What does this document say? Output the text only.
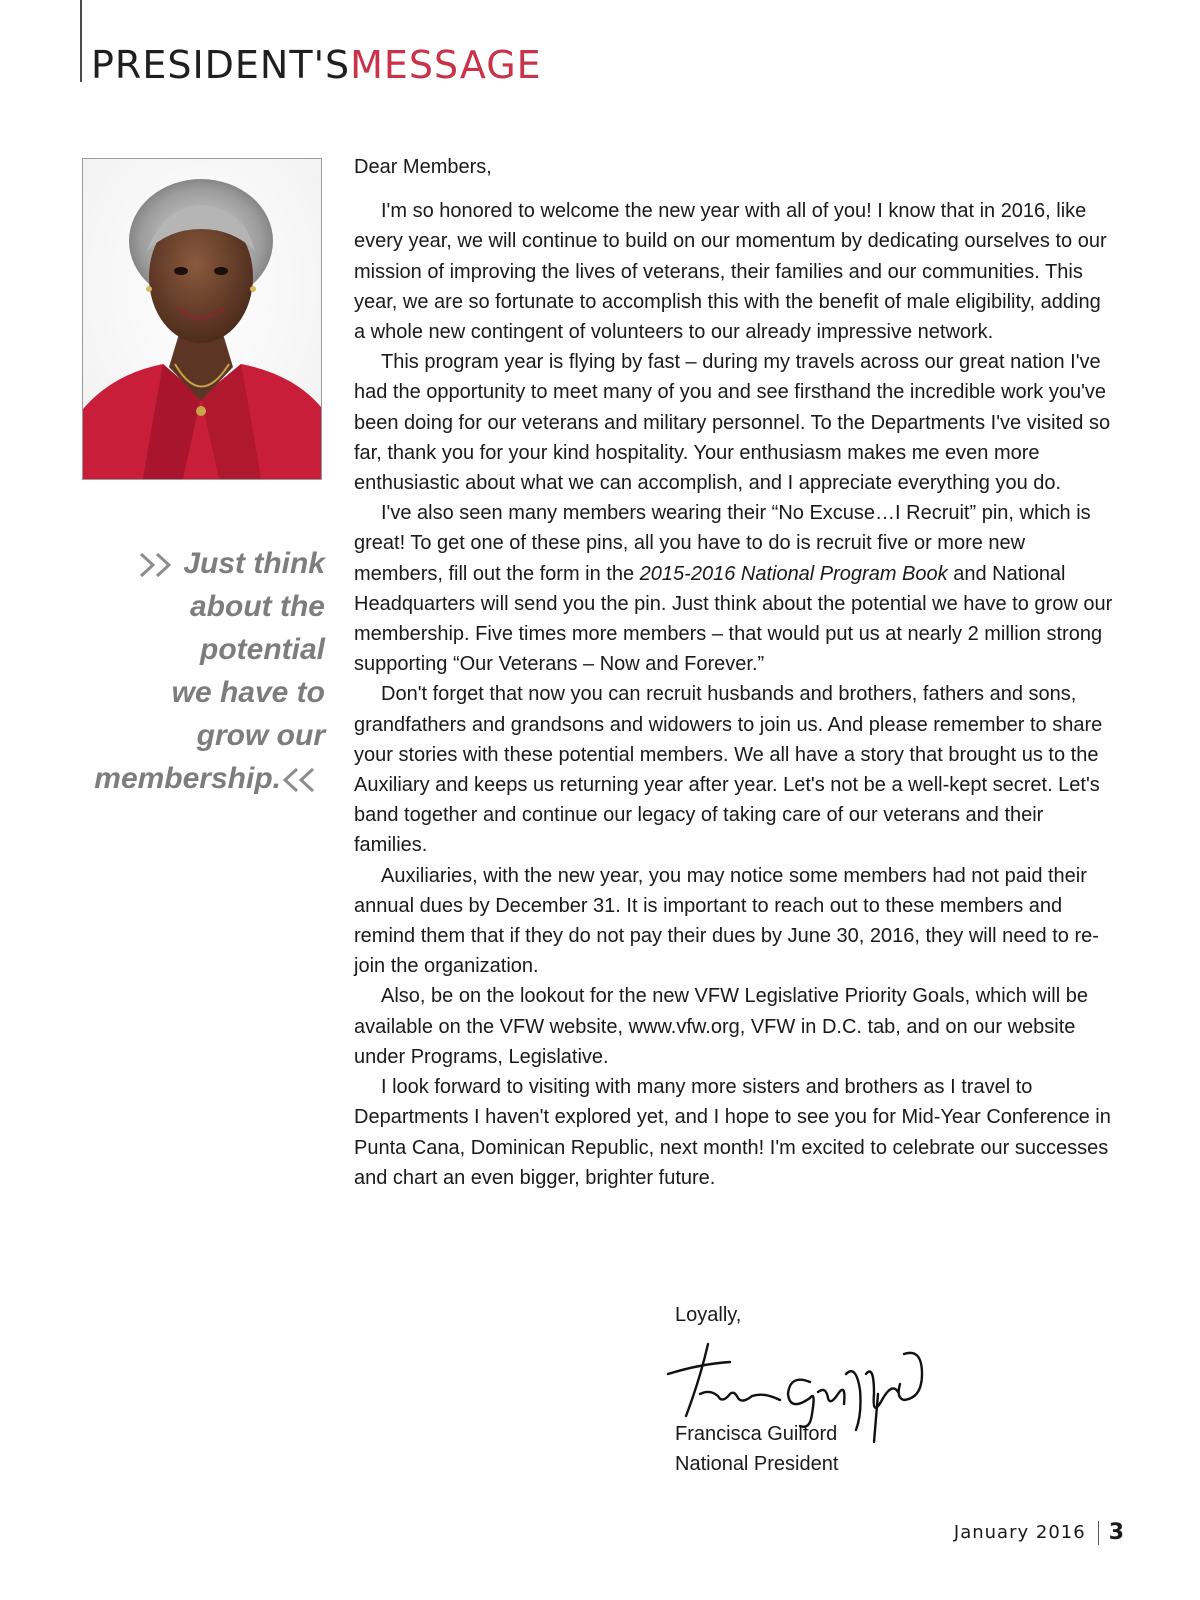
PRESIDENT'SMESSAGE
Just think
about the
potential
we have to
grow our
membership.

Dear Members,

I'm so honored to welcome the new year with all of you! I know that in 2016, like every year, we will continue to build on our momentum by dedicating ourselves to our mission of improving the lives of veterans, their families and our communities. This year, we are so fortunate to accomplish this with the benefit of male eligibility, adding a whole new contingent of volunteers to our already impressive network.

This program year is flying by fast – during my travels across our great nation I've had the opportunity to meet many of you and see firsthand the incredible work you've been doing for our veterans and military personnel. To the Departments I've visited so far, thank you for your kind hospitality. Your enthusiasm makes me even more enthusiastic about what we can accomplish, and I appreciate everything you do.

I've also seen many members wearing their “No Excuse…I Recruit” pin, which is great! To get one of these pins, all you have to do is recruit five or more new members, fill out the form in the 2015-2016 National Program Book and National Headquarters will send you the pin. Just think about the potential we have to grow our membership. Five times more members – that would put us at nearly 2 million strong supporting “Our Veterans – Now and Forever.”

Don't forget that now you can recruit husbands and brothers, fathers and sons, grandfathers and grandsons and widowers to join us. And please remember to share your stories with these potential members. We all have a story that brought us to the Auxiliary and keeps us returning year after year. Let's not be a well-kept secret. Let's band together and continue our legacy of taking care of our veterans and their families.

Auxiliaries, with the new year, you may notice some members had not paid their annual dues by December 31. It is important to reach out to these members and remind them that if they do not pay their dues by June 30, 2016, they will need to re-join the organization.

Also, be on the lookout for the new VFW Legislative Priority Goals, which will be available on the VFW website, www.vfw.org, VFW in D.C. tab, and on our website under Programs, Legislative.

I look forward to visiting with many more sisters and brothers as I travel to Departments I haven't explored yet, and I hope to see you for Mid-Year Conference in Punta Cana, Dominican Republic, next month! I'm excited to celebrate our successes and chart an even bigger, brighter future.

Loyally,
Francisca Guilford
National President
January 2016 3
